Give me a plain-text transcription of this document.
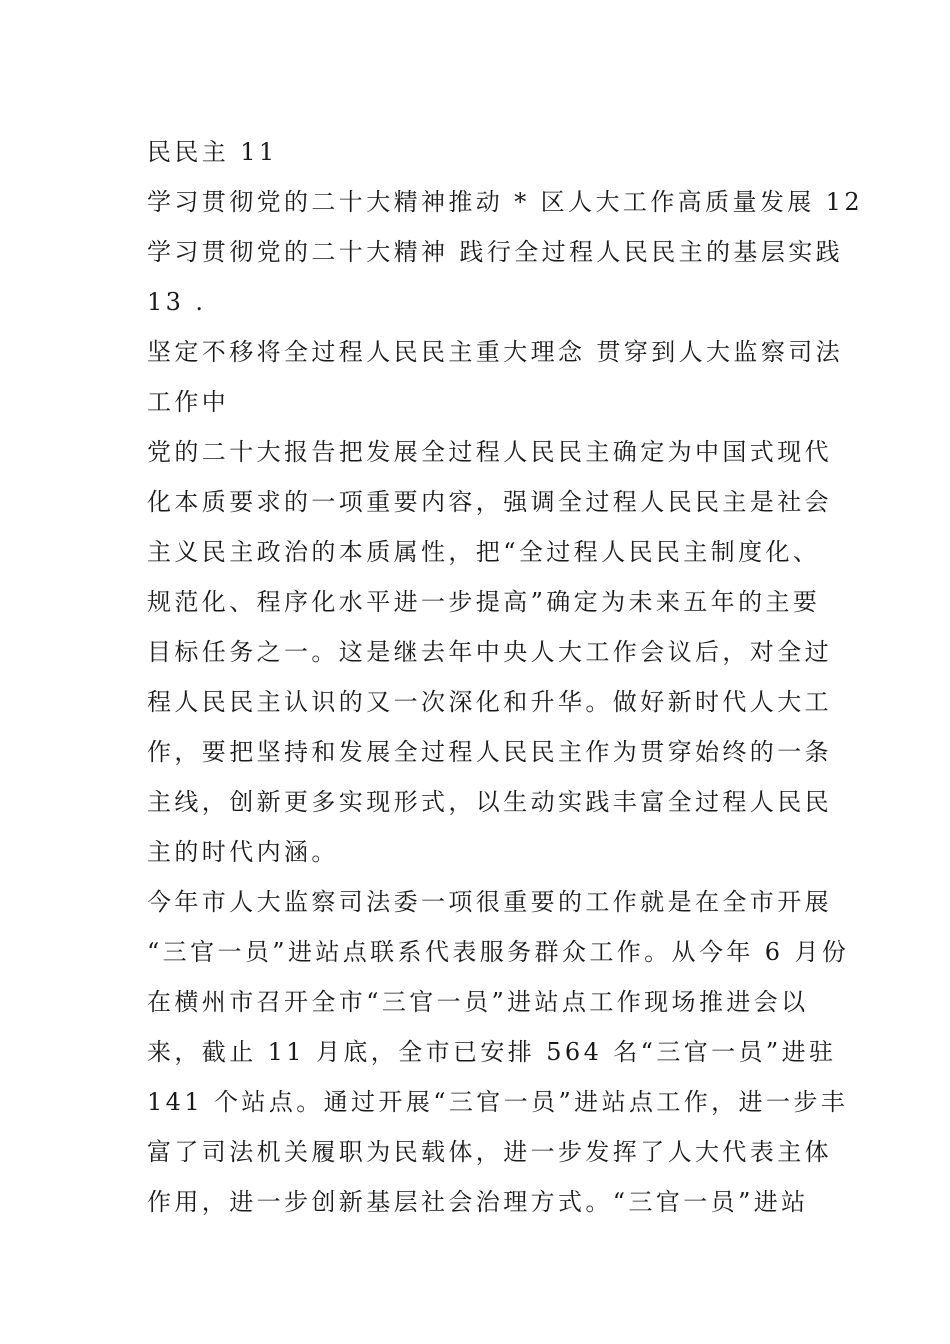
民民主 11
学习贯彻党的二十大精神推动 * 区人大工作高质量发展 12
学习贯彻党的二十大精神 践行全过程人民民主的基层实践
13 .
坚定不移将全过程人民民主重大理念 贯穿到人大监察司法
工作中
党的二十大报告把发展全过程人民民主确定为中国式现代
化本质要求的一项重要内容，强调全过程人民民主是社会
主义民主政治的本质属性，把“全过程人民民主制度化、
规范化、程序化水平进一步提高”确定为未来五年的主要
目标任务之一。这是继去年中央人大工作会议后，对全过
程人民民主认识的又一次深化和升华。做好新时代人大工
作，要把坚持和发展全过程人民民主作为贯穿始终的一条
主线，创新更多实现形式，以生动实践丰富全过程人民民
主的时代内涵。
今年市人大监察司法委一项很重要的工作就是在全市开展
“三官一员”进站点联系代表服务群众工作。从今年 6 月份
在横州市召开全市“三官一员”进站点工作现场推进会以
来，截止 11 月底，全市已安排 564 名“三官一员”进驻
141 个站点。通过开展“三官一员”进站点工作，进一步丰
富了司法机关履职为民载体，进一步发挥了人大代表主体
作用，进一步创新基层社会治理方式。“三官一员”进站
